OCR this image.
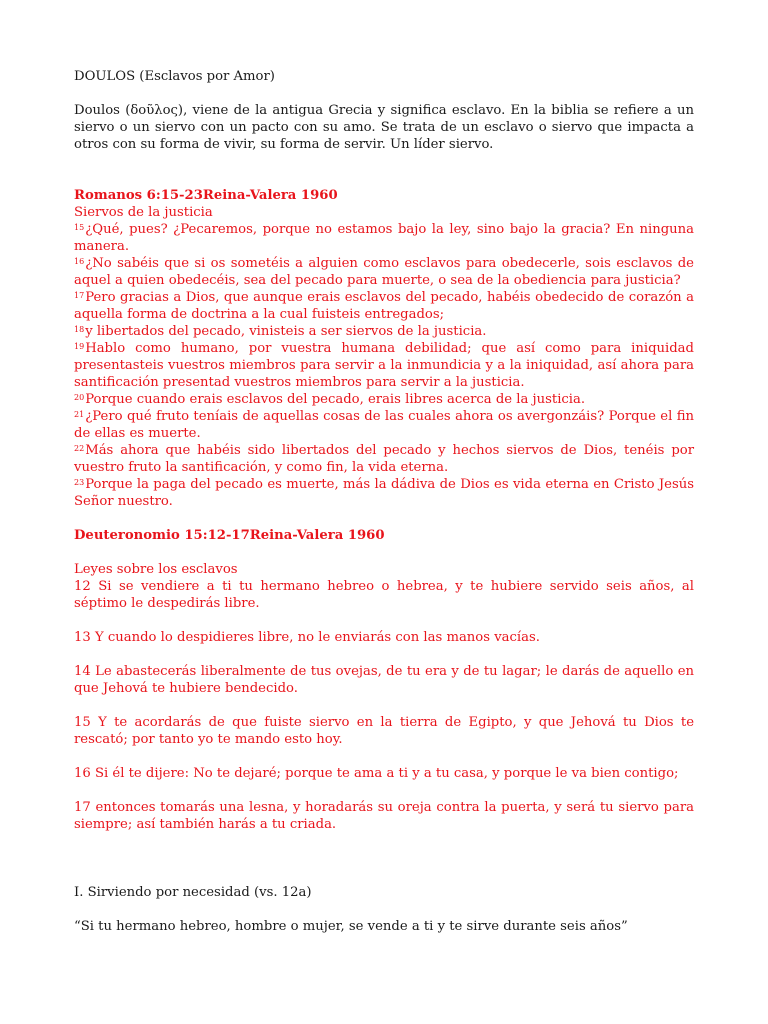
DOULOS (Esclavos por Amor)

Doulos (δοῦλος), viene de la antigua Grecia y significa esclavo. En la biblia se refiere a un siervo o un siervo con un pacto con su amo. Se trata de un esclavo o siervo que impacta a otros con su forma de vivir, su forma de servir. Un líder siervo.

Romanos 6:15-23Reina-Valera 1960

Siervos de la justicia

$^{15}$¿Qué, pues? ¿Pecaremos, porque no estamos bajo la ley, sino bajo la gracia? En ninguna manera.

$^{16}$¿No sabéis que si os sometéis a alguien como esclavos para obedecerle, sois esclavos de aquel a quien obedecéis, sea del pecado para muerte, o sea de la obediencia para justicia?

$^{17}$Pero gracias a Dios, que aunque erais esclavos del pecado, habéis obedecido de corazón a aquella forma de doctrina a la cual fuisteis entregados;

$^{18}$y libertados del pecado, vinisteis a ser siervos de la justicia.

$^{19}$Hablo como humano, por vuestra humana debilidad; que así como para iniquidad presentasteis vuestros miembros para servir a la inmundicia y a la iniquidad, así ahora para santificación presentad vuestros miembros para servir a la justicia.

$^{20}$Porque cuando erais esclavos del pecado, erais libres acerca de la justicia.

$^{21}$¿Pero qué fruto teníais de aquellas cosas de las cuales ahora os avergonzáis? Porque el fin de ellas es muerte.

$^{22}$Más ahora que habéis sido libertados del pecado y hechos siervos de Dios, tenéis por vuestro fruto la santificación, y como fin, la vida eterna.

$^{23}$Porque la paga del pecado es muerte, más la dádiva de Dios es vida eterna en Cristo Jesús Señor nuestro.

Deuteronomio 15:12-17Reina-Valera 1960

Leyes sobre los esclavos

12 Si se vendiere a ti tu hermano hebreo o hebrea, y te hubiere servido seis años, al séptimo le despedirás libre.

13 Y cuando lo despidieres libre, no le enviarás con las manos vacías.

14 Le abastecerás liberalmente de tus ovejas, de tu era y de tu lagar; le darás de aquello en que Jehová te hubiere bendecido.

15 Y te acordarás de que fuiste siervo en la tierra de Egipto, y que Jehová tu Dios te rescató; por tanto yo te mando esto hoy.

16 Si él te dijere: No te dejaré; porque te ama a ti y a tu casa, y porque le va bien contigo;

17 entonces tomarás una lesna, y horadarás su oreja contra la puerta, y será tu siervo para siempre; así también harás a tu criada.

I. Sirviendo por necesidad (vs. 12a)

“Si tu hermano hebreo, hombre o mujer, se vende a ti y te sirve durante seis años”
